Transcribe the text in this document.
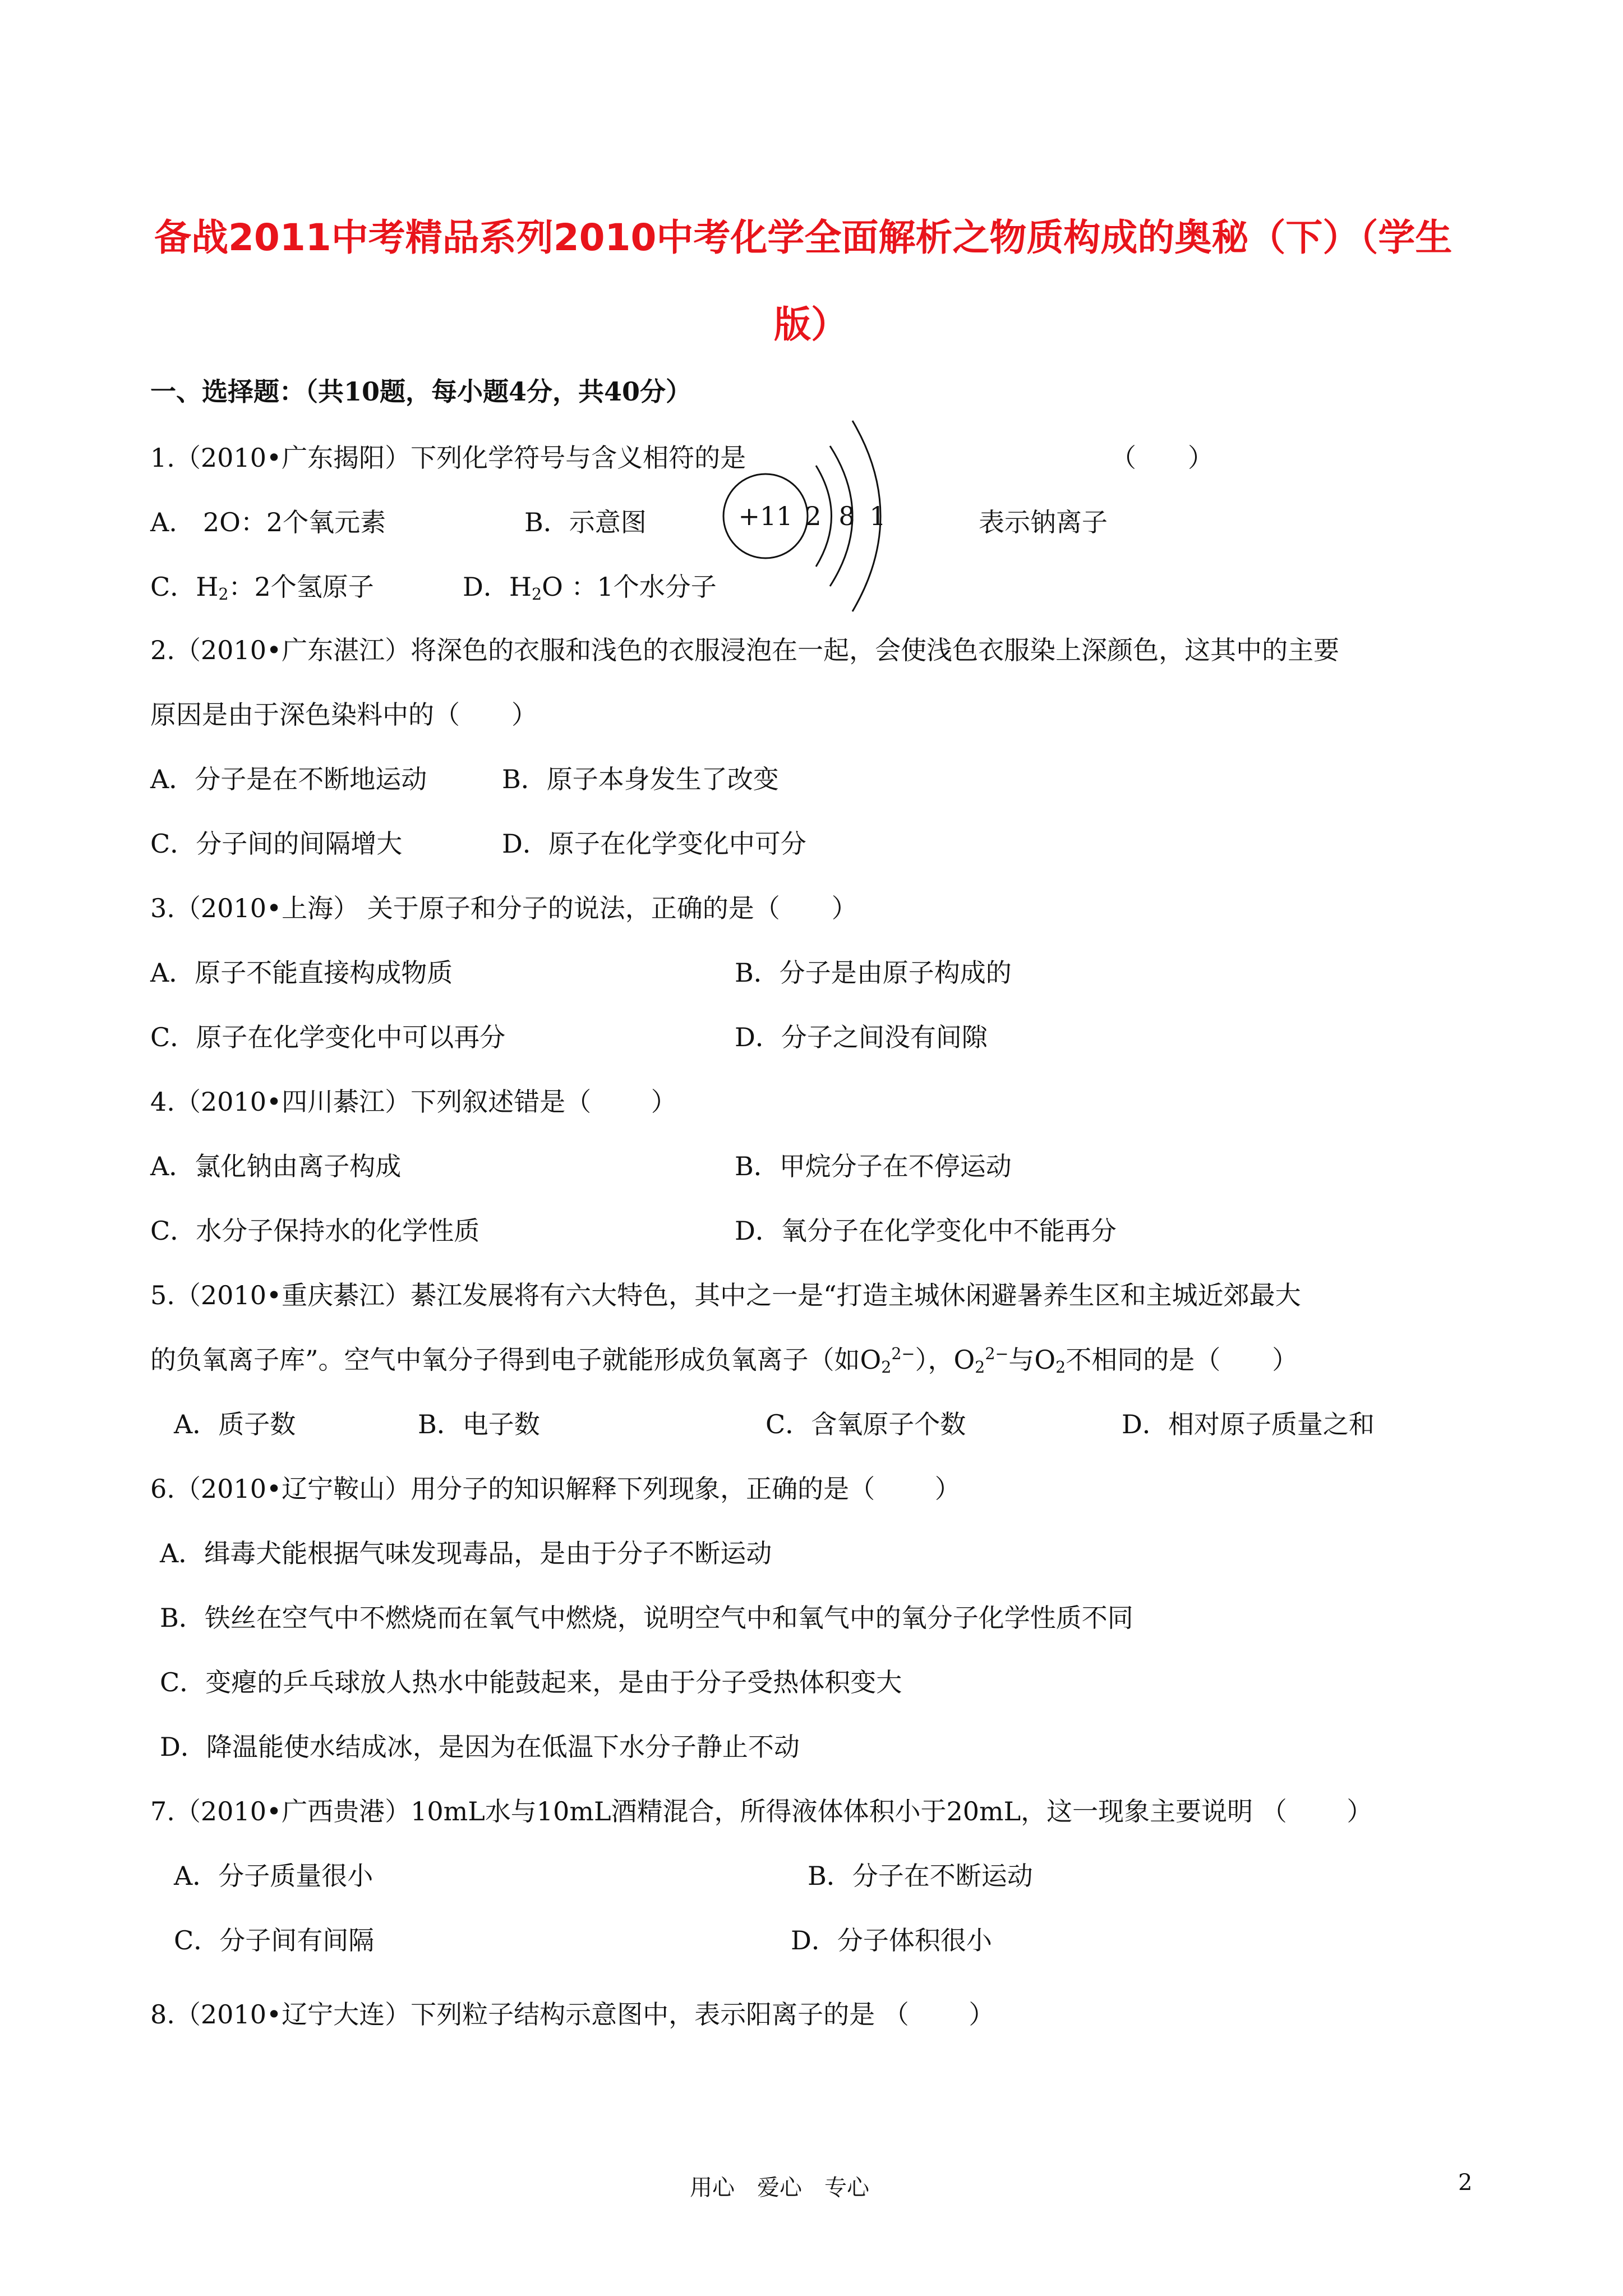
备战2011中考精品系列2010中考化学全面解析之物质构成的奥秘（下）（学生
版）
一、选择题：（共10题，每小题4分，共40分）
1.（2010•广东揭阳）下列化学符号与含义相符的是	（　　）
A.　2O：2个氧元素	B．示意图	表示钠离子
C．$H_2$：2个氢原子	D．$H_2O$ ：1个水分子
+11 2 8 1
2.（2010•广东湛江）将深色的衣服和浅色的衣服浸泡在一起，会使浅色衣服染上深颜色，这其中的主要
原因是由于深色染料中的（　　）
A．分子是在不断地运动	B．原子本身发生了改变
C．分子间的间隔增大	D．原子在化学变化中可分
3.（2010•上海） 关于原子和分子的说法，正确的是（　　）
A．原子不能直接构成物质	B．分子是由原子构成的
C．原子在化学变化中可以再分	D．分子之间没有间隙
4.（2010•四川綦江）下列叙述错是（　　 ）
A．氯化钠由离子构成	B．甲烷分子在不停运动
C．水分子保持水的化学性质	D．氧分子在化学变化中不能再分
5.（2010•重庆綦江）綦江发展将有六大特色，其中之一是“打造主城休闲避暑养生区和主城近郊最大
的负氧离子库”。空气中氧分子得到电子就能形成负氧离子（如$O_2^{2-}$），$O_2^{2-}$与$O_2$不相同的是（　　）
A．质子数	B．电子数	C．含氧原子个数	D．相对原子质量之和
6.（2010•辽宁鞍山）用分子的知识解释下列现象，正确的是（　　 ）
A．缉毒犬能根据气味发现毒品，是由于分子不断运动
B．铁丝在空气中不燃烧而在氧气中燃烧，说明空气中和氧气中的氧分子化学性质不同
C．变瘪的乒乓球放人热水中能鼓起来，是由于分子受热体积变大
D．降温能使水结成冰，是因为在低温下水分子静止不动
7.（2010•广西贵港）10mL水与10mL酒精混合，所得液体体积小于20mL，这一现象主要说明 （　　 ）
A．分子质量很小	B．分子在不断运动
C．分子间有间隔	D．分子体积很小
8.（2010•辽宁大连）下列粒子结构示意图中，表示阳离子的是 （　　 ）
用心　爱心　专心	2
